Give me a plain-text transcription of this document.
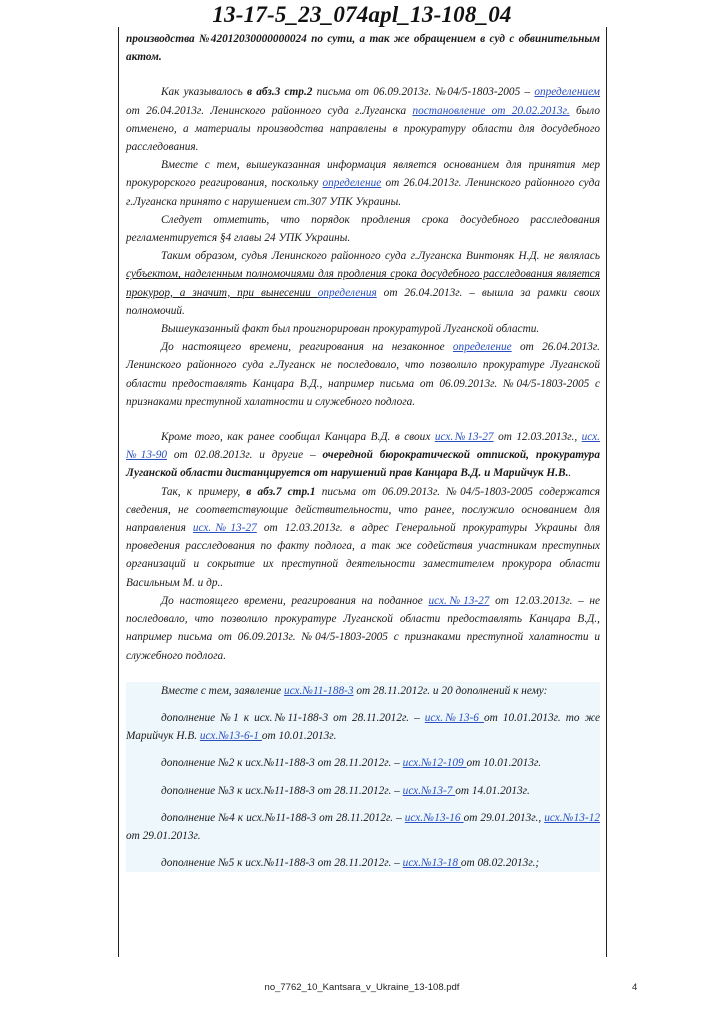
13-17-5_23_074apl_13-108_04

производства №42012030000000024 по сути, а так же обращением в суд с обвинительным актом.

Как указывалось в абз.3 стр.2 письма от 06.09.2013г. №04/5-1803-2005 – определением от 26.04.2013г. Ленинского районного суда г.Луганска постановление от 20.02.2013г. было отменено, а материалы производства направлены в прокуратуру области для досудебного расследования.

Вместе с тем, вышеуказанная информация является основанием для принятия мер прокурорского реагирования, поскольку определение от 26.04.2013г. Ленинского районного суда г.Луганска принято с нарушением ст.307 УПК Украины.

Следует отметить, что порядок продления срока досудебного расследования регламентируется §4 главы 24 УПК Украины.

Таким образом, судья Ленинского районного суда г.Луганска Винтоняк Н.Д. не являлась субъектом, наделенным полномочиями для продления срока досудебного расследования является прокурор, а значит, при вынесении определения от 26.04.2013г. – вышла за рамки своих полномочий.

Вышеуказанный факт был проигнорирован прокуратурой Луганской области.

До настоящего времени, реагирования на незаконное определение от 26.04.2013г. Ленинского районного суда г.Луганск не последовало, что позволило прокуратуре Луганской области предоставлять Канцара В.Д., например письма от 06.09.2013г. №04/5-1803-2005 с признаками преступной халатности и служебного подлога.

Кроме того, как ранее сообщал Канцара В.Д. в своих исх.№13-27 от 12.03.2013г., исх.№13-90 от 02.08.2013г. и другие – очередной бюрократической отпиской, прокуратура Луганской области дистанцируется от нарушений прав Канцара В.Д. и Марийчук Н.В..

Так, к примеру, в абз.7 стр.1 письма от 06.09.2013г. №04/5-1803-2005 содержатся сведения, не соответствующие действительности, что ранее, послужило основанием для направления исх.№13-27 от 12.03.2013г. в адрес Генеральной прокуратуры Украины для проведения расследования по факту подлога, а так же содействия участникам преступных организаций и сокрытие их преступной деятельности заместителем прокурора области Васильным М. и др..

До настоящего времени, реагирования на поданное исх.№13-27 от 12.03.2013г. – не последовало, что позволило прокуратуре Луганской области предоставлять Канцара В.Д., например письма от 06.09.2013г. №04/5-1803-2005 с признаками преступной халатности и служебного подлога.

Вместе с тем, заявление исх.№11-188-3 от 28.11.2012г. и 20 дополнений к нему:

дополнение №1 к исх.№11-188-3 от 28.11.2012г. – исх.№13-6 от 10.01.2013г. то же Марийчук Н.В. исх.№13-6-1 от 10.01.2013г.

дополнение №2 к исх.№11-188-3 от 28.11.2012г. – исх.№12-109 от 10.01.2013г.

дополнение №3 к исх.№11-188-3 от 28.11.2012г. – исх.№13-7 от 14.01.2013г.

дополнение №4 к исх.№11-188-3 от 28.11.2012г. – исх.№13-16 от 29.01.2013г., исх.№13-12 от 29.01.2013г.

дополнение №5 к исх.№11-188-3 от 28.11.2012г. – исх.№13-18 от 08.02.2013г.;

no_7762_10_Kantsara_v_Ukraine_13-108.pdf	4
